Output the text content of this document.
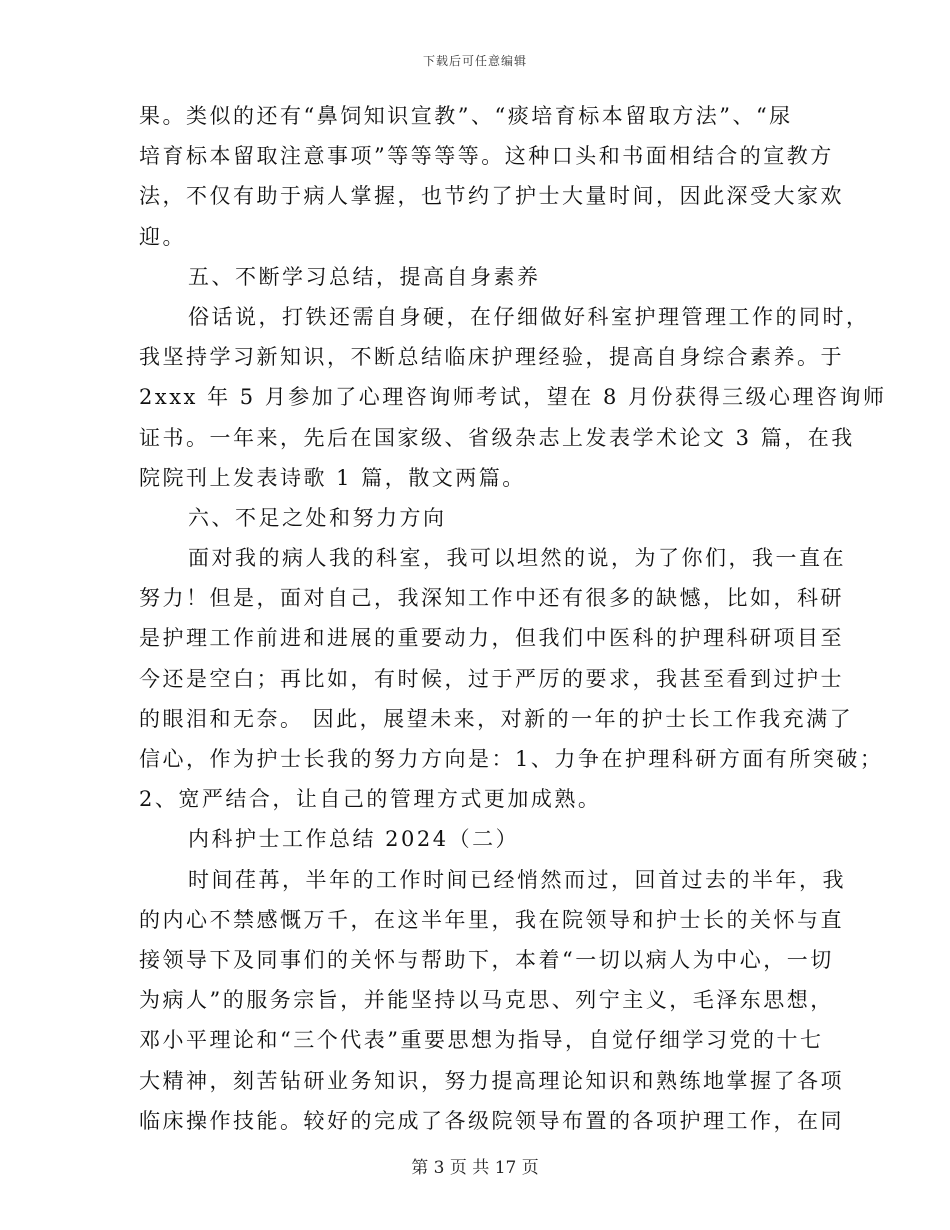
下载后可任意编辑
果。类似的还有“鼻饲知识宣教”、“痰培育标本留取方法”、“尿
培育标本留取注意事项”等等等等。这种口头和书面相结合的宣教方
法，不仅有助于病人掌握，也节约了护士大量时间，因此深受大家欢
迎。
五、不断学习总结，提高自身素养
俗话说，打铁还需自身硬，在仔细做好科室护理管理工作的同时，
我坚持学习新知识，不断总结临床护理经验，提高自身综合素养。于
2xxx 年 5 月参加了心理咨询师考试，望在 8 月份获得三级心理咨询师
证书。一年来，先后在国家级、省级杂志上发表学术论文 3 篇，在我
院院刊上发表诗歌 1 篇，散文两篇。
六、不足之处和努力方向
面对我的病人我的科室，我可以坦然的说，为了你们，我一直在
努力！但是，面对自己，我深知工作中还有很多的缺憾，比如，科研
是护理工作前进和进展的重要动力，但我们中医科的护理科研项目至
今还是空白；再比如，有时候，过于严厉的要求，我甚至看到过护士
的眼泪和无奈。 因此，展望未来，对新的一年的护士长工作我充满了
信心，作为护士长我的努力方向是：1、力争在护理科研方面有所突破；
2、宽严结合，让自己的管理方式更加成熟。
内科护士工作总结 2024（二）
时间荏苒，半年的工作时间已经悄然而过，回首过去的半年，我
的内心不禁感慨万千，在这半年里，我在院领导和护士长的关怀与直
接领导下及同事们的关怀与帮助下，本着“一切以病人为中心，一切
为病人”的服务宗旨，并能坚持以马克思、列宁主义，毛泽东思想，
邓小平理论和“三个代表”重要思想为指导，自觉仔细学习党的十七
大精神，刻苦钻研业务知识，努力提高理论知识和熟练地掌握了各项
临床操作技能。较好的完成了各级院领导布置的各项护理工作，在同
第 3 页 共 17 页
